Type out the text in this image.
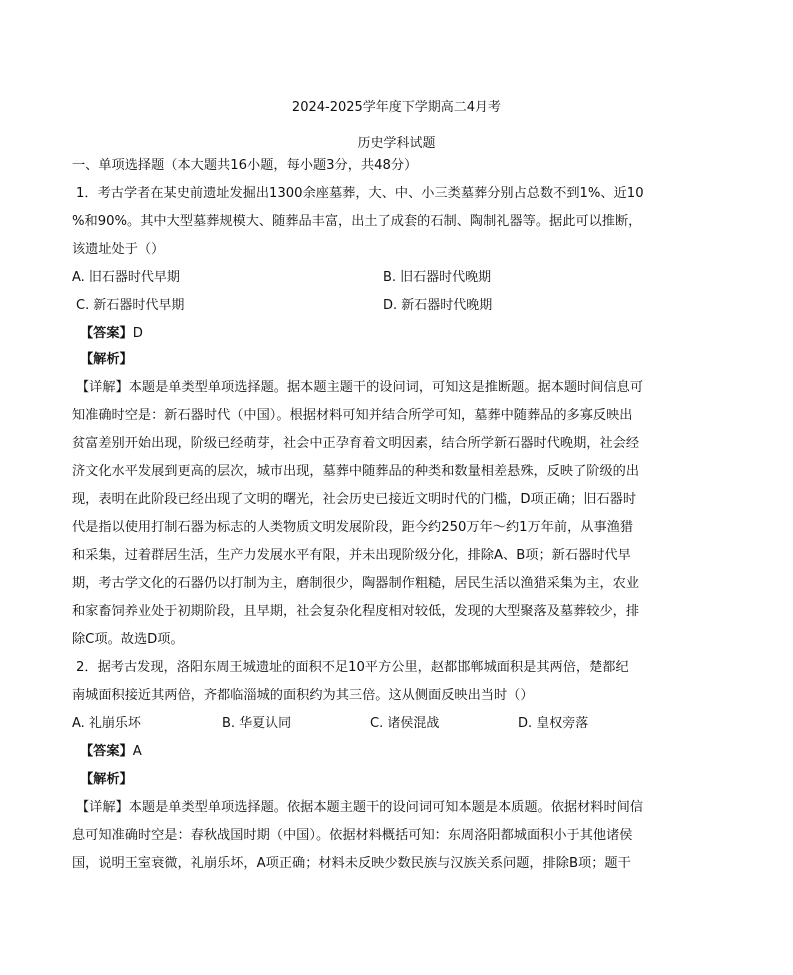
2024-2025学年度下学期高二4月考
历史学科试题
一、单项选择题（本大题共16小题，每小题3分，共48分）
1．考古学者在某史前遗址发掘出1300余座墓葬，大、中、小三类墓葬分别占总数不到1%、近10
%和90%。其中大型墓葬规模大、随葬品丰富，出土了成套的石制、陶制礼器等。据此可以推断，
该遗址处于（）
A. 旧石器时代早期	B. 旧石器时代晚期
C. 新石器时代早期	D. 新石器时代晚期
【答案】D
【解析】
【详解】本题是单类型单项选择题。据本题主题干的设问词，可知这是推断题。据本题时间信息可
知准确时空是：新石器时代（中国）。根据材料可知并结合所学可知，墓葬中随葬品的多寡反映出
贫富差别开始出现，阶级已经萌芽，社会中正孕育着文明因素，结合所学新石器时代晚期，社会经
济文化水平发展到更高的层次，城市出现，墓葬中随葬品的种类和数量相差悬殊，反映了阶级的出
现，表明在此阶段已经出现了文明的曙光，社会历史已接近文明时代的门槛，D项正确；旧石器时
代是指以使用打制石器为标志的人类物质文明发展阶段，距今约250万年～约1万年前，从事渔猎
和采集，过着群居生活，生产力发展水平有限，并未出现阶级分化，排除A、B项；新石器时代早
期，考古学文化的石器仍以打制为主，磨制很少，陶器制作粗糙，居民生活以渔猎采集为主，农业
和家畜饲养业处于初期阶段，且早期，社会复杂化程度相对较低，发现的大型聚落及墓葬较少，排
除C项。故选D项。
2．据考古发现，洛阳东周王城遗址的面积不足10平方公里，赵都邯郸城面积是其两倍，楚都纪
南城面积接近其两倍，齐都临淄城的面积约为其三倍。这从侧面反映出当时（）
A. 礼崩乐坏	B. 华夏认同	C. 诸侯混战	D. 皇权旁落
【答案】A
【解析】
【详解】本题是单类型单项选择题。依据本题主题干的设问词可知本题是本质题。依据材料时间信
息可知准确时空是：春秋战国时期（中国）。依据材料概括可知：东周洛阳都城面积小于其他诸侯
国，说明王室衰微，礼崩乐坏，A项正确；材料未反映少数民族与汉族关系问题，排除B项；题干
